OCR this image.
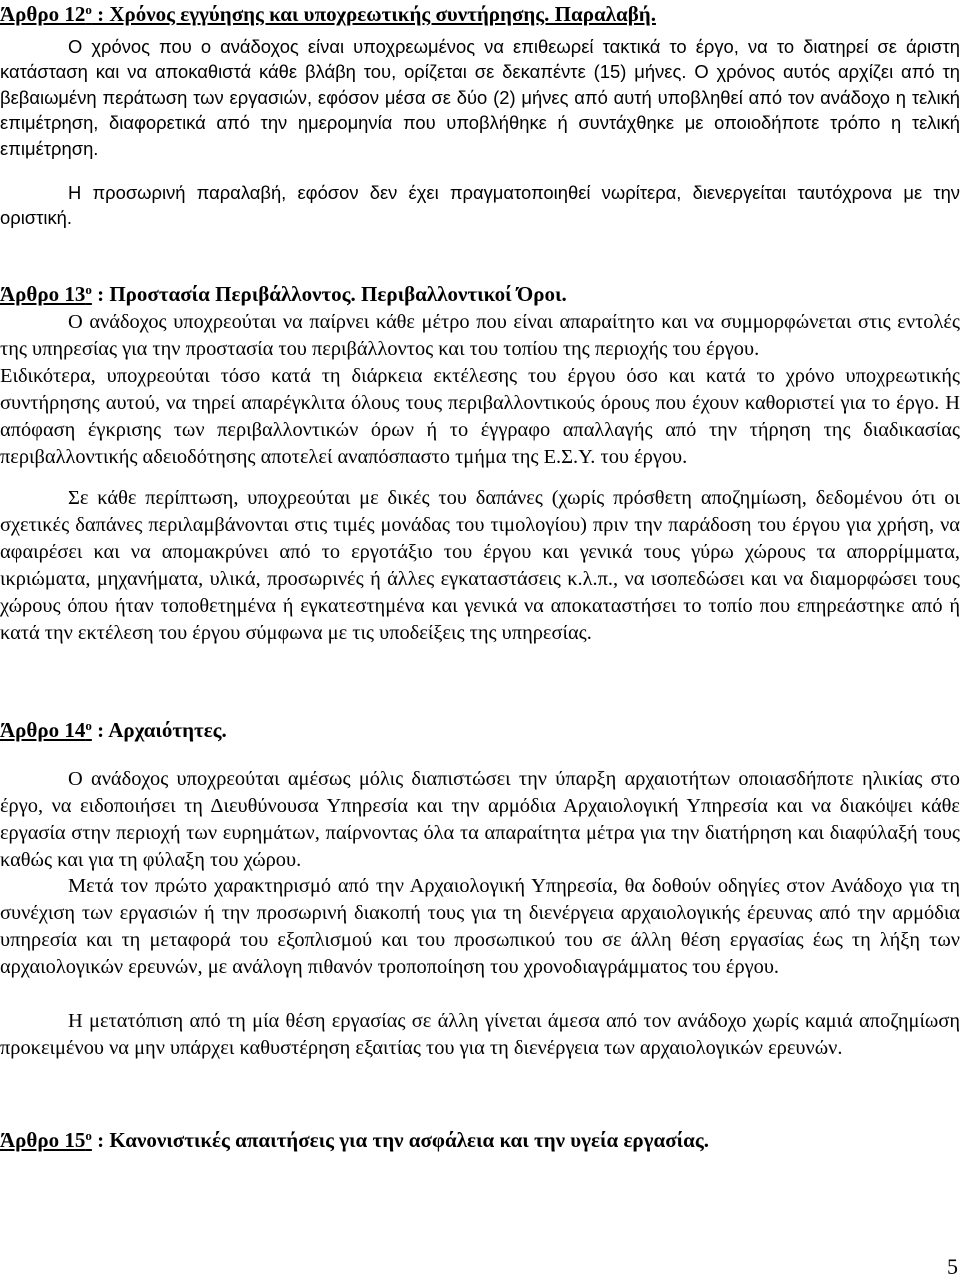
Άρθρο $12^o$ : Χρόνος εγγύησης και υποχρεωτικής συντήρησης. Παραλαβή.

Ο χρόνος που ο ανάδοχος είναι υποχρεωμένος να επιθεωρεί τακτικά το έργο, να το διατηρεί σε άριστη κατάσταση και να αποκαθιστά κάθε βλάβη του, ορίζεται σε δεκαπέντε (15) μήνες. Ο χρόνος αυτός αρχίζει από τη βεβαιωμένη περάτωση των εργασιών, εφόσον μέσα σε δύο (2) μήνες από αυτή υποβληθεί από τον ανάδοχο η τελική επιμέτρηση, διαφορετικά από την ημερομηνία που υποβλήθηκε ή συντάχθηκε με οποιοδήποτε τρόπο η τελική επιμέτρηση.

Η προσωρινή παραλαβή, εφόσον δεν έχει πραγματοποιηθεί νωρίτερα, διενεργείται ταυτόχρονα με την οριστική.

Άρθρο $13^o$ : Προστασία Περιβάλλοντος. Περιβαλλοντικοί Όροι.

Ο ανάδοχος υποχρεούται να παίρνει κάθε μέτρο που είναι απαραίτητο και να συμμορφώνεται στις εντολές της υπηρεσίας για την προστασία του περιβάλλοντος και του τοπίου της περιοχής του έργου.

Ειδικότερα, υποχρεούται τόσο κατά τη διάρκεια εκτέλεσης του έργου όσο και κατά το χρόνο υποχρεωτικής συντήρησης αυτού, να τηρεί απαρέγκλιτα όλους τους περιβαλλοντικούς όρους που έχουν καθοριστεί για το έργο. Η απόφαση έγκρισης των περιβαλλοντικών όρων ή το έγγραφο απαλλαγής από την τήρηση της διαδικασίας περιβαλλοντικής αδειοδότησης αποτελεί αναπόσπαστο τμήμα της Ε.Σ.Υ. του έργου.

Σε κάθε περίπτωση, υποχρεούται με δικές του δαπάνες (χωρίς πρόσθετη αποζημίωση, δεδομένου ότι οι σχετικές δαπάνες περιλαμβάνονται στις τιμές μονάδας του τιμολογίου) πριν την παράδοση του έργου για χρήση, να αφαιρέσει και να απομακρύνει από το εργοτάξιο του έργου και γενικά τους γύρω χώρους τα απορρίμματα, ικριώματα, μηχανήματα, υλικά, προσωρινές ή άλλες εγκαταστάσεις κ.λ.π., να ισοπεδώσει και να διαμορφώσει τους χώρους όπου ήταν τοποθετημένα ή εγκατεστημένα και γενικά να αποκαταστήσει το τοπίο που επηρεάστηκε από ή κατά την εκτέλεση του έργου σύμφωνα με τις υποδείξεις της υπηρεσίας.

Άρθρο $14^o$ : Αρχαιότητες.

Ο ανάδοχος υποχρεούται αμέσως μόλις διαπιστώσει την ύπαρξη αρχαιοτήτων οποιασδήποτε ηλικίας στο έργο, να ειδοποιήσει τη Διευθύνουσα Υπηρεσία και την αρμόδια Αρχαιολογική Υπηρεσία και να διακόψει κάθε εργασία στην περιοχή των ευρημάτων, παίρνοντας όλα τα απαραίτητα μέτρα για την διατήρηση και διαφύλαξή τους καθώς και για τη φύλαξη του χώρου.

Μετά τον πρώτο χαρακτηρισμό από την Αρχαιολογική Υπηρεσία, θα δοθούν οδηγίες στον Ανάδοχο για τη συνέχιση των εργασιών ή την προσωρινή διακοπή τους για τη διενέργεια αρχαιολογικής έρευνας από την αρμόδια υπηρεσία και τη μεταφορά του εξοπλισμού και του προσωπικού του σε άλλη θέση εργασίας έως τη λήξη των αρχαιολογικών ερευνών, με ανάλογη πιθανόν τροποποίηση του χρονοδιαγράμματος του έργου.

Η μετατόπιση από τη μία θέση εργασίας σε άλλη γίνεται άμεσα από τον ανάδοχο χωρίς καμιά αποζημίωση προκειμένου να μην υπάρχει καθυστέρηση εξαιτίας του για τη διενέργεια των αρχαιολογικών ερευνών.

Άρθρο $15^o$ : Κανονιστικές απαιτήσεις για την ασφάλεια και την υγεία εργασίας.
5
